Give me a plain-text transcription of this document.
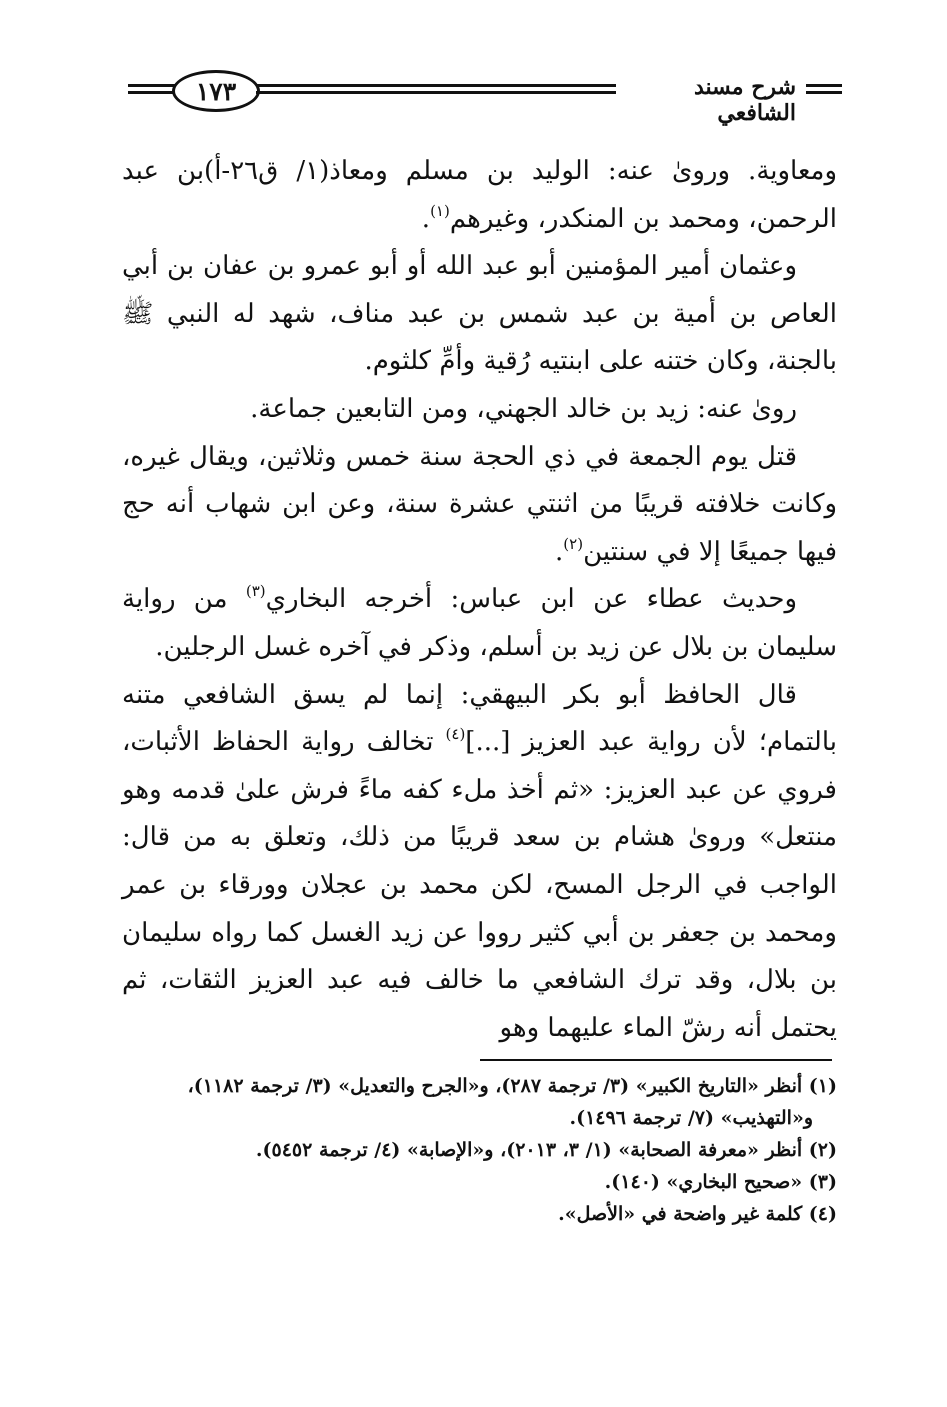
١٧٣	شرح مسند الشافعي

ومعاوية. وروىٰ عنه: الوليد بن مسلم ومعاذ(١/ ق٢٦-أ)بن عبد الرحمن، ومحمد بن المنكدر، وغيرهم$^{(١)}$.

وعثمان أمير المؤمنين أبو عبد الله أو أبو عمرو بن عفان بن أبي العاص بن أمية بن عبد شمس بن عبد مناف، شهد له النبي ﷺ بالجنة، وكان ختنه على ابنتيه رُقية وأمِّ كلثوم.

روىٰ عنه: زيد بن خالد الجهني، ومن التابعين جماعة.

قتل يوم الجمعة في ذي الحجة سنة خمس وثلاثين، ويقال غيره، وكانت خلافته قريبًا من اثنتي عشرة سنة، وعن ابن شهاب أنه حج فيها جميعًا إلا في سنتين$^{(٢)}$.

وحديث عطاء عن ابن عباس: أخرجه البخاري$^{(٣)}$ من رواية سليمان بن بلال عن زيد بن أسلم، وذكر في آخره غسل الرجلين.

قال الحافظ أبو بكر البيهقي: إنما لم يسق الشافعي متنه بالتمام؛ لأن رواية عبد العزيز [...]$^{(٤)}$ تخالف رواية الحفاظ الأثبات، فروي عن عبد العزيز: «ثم أخذ ملء كفه ماءً فرش علىٰ قدمه وهو منتعل» وروىٰ هشام بن سعد قريبًا من ذلك، وتعلق به من قال: الواجب في الرجل المسح، لكن محمد بن عجلان وورقاء بن عمر ومحمد بن جعفر بن أبي كثير رووا عن زيد الغسل كما رواه سليمان بن بلال، وقد ترك الشافعي ما خالف فيه عبد العزيز الثقات، ثم يحتمل أنه رشّ الماء عليهما وهو

(١) أنظر «التاريخ الكبير» (٣/ ترجمة ٢٨٧)، و«الجرح والتعديل» (٣/ ترجمة ١١٨٢)،

و«التهذيب» (٧/ ترجمة ١٤٩٦).

(٢) أنظر «معرفة الصحابة» (١/ ٣، ٢٠١٣)، و«الإصابة» (٤/ ترجمة ٥٤٥٢).

(٣) «صحيح البخاري» (١٤٠).

(٤) كلمة غير واضحة في «الأصل».
